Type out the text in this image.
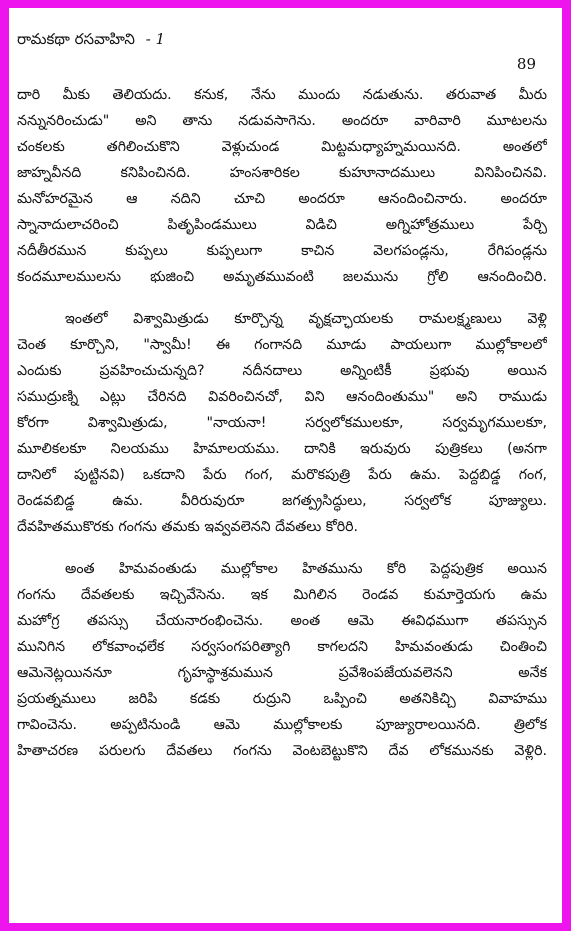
రామకథా రసవాహిని - 1
89
దారి మీకు తెలియదు. కనుక, నేను ముందు నడుతును. తరువాత మీరు
నన్నునరించుడు" అని తాను నడువసాగెను. అందరూ వారివారి మూటలను
చంకలకు తగిలించుకొని వెళ్లుచుండ మిట్టమధ్యాహ్నమయినది. అంతలో
జాహ్నవీనది కనిపించినది. హంసశారికల కుహూనాదములు వినిపించినవి.
మనోహరమైన ఆ నదిని చూచి అందరూ ఆనందించినారు. అందరూ
స్నానాదులాచరించి పితృపిండములు విడిచి అగ్నిహోత్రములు పేర్చి
నదీతీరమున కుప్పలు కుప్పలుగా కాచిన వెలగపండ్లను, రేగిపండ్లను
కందమూలములను భుజించి అమృతమువంటి జలమును గ్రోలి ఆనందించిరి.
ఇంతలో విశ్వామిత్రుడు కూర్చొన్న వృక్షచ్ఛాయలకు రామలక్ష్మణులు వెళ్లి
చెంత కూర్చొని, "స్వామీ! ఈ గంగానది మూడు పాయలుగా ముల్లోకాలలో
ఎందుకు ప్రవహించుచున్నది? నదీనదాలు అన్నింటికీ ప్రభువు అయిన
సముద్రుణ్ని ఎట్లు చేరినది వివరించినచో, విని ఆనందింతుము" అని రాముడు
కోరగా విశ్వామిత్రుడు, "నాయనా! సర్వలోకములకూ, సర్వమృగములకూ,
మూలికలకూ నిలయము హిమాలయము. దానికి ఇరువురు పుత్రికలు (అనగా
దానిలో పుట్టినవి) ఒకదాని పేరు గంగ, మరొకపుత్రి పేరు ఉమ. పెద్దబిడ్డ గంగ,
రెండవబిడ్డ ఉమ. వీరిరువురూ జగత్ప్రసిద్ధులు, సర్వలోక పూజ్యులు.
దేవహితముకొరకు గంగను తమకు ఇవ్వవలెనని దేవతలు కోరిరి.
అంత హిమవంతుడు ముల్లోకాల హితమును కోరి పెద్దపుత్రిక అయిన
గంగను దేవతలకు ఇచ్చివేసెను. ఇక మిగిలిన రెండవ కుమార్తెయగు ఉమ
మహోగ్ర తపస్సు చేయనారంభించెను. అంత ఆమె ఈవిధముగా తపస్సున
మునిగిన లోకవాంఛలేక సర్వసంగపరిత్యాగి కాగలదని హిమవంతుడు చింతించి
ఆమెనెట్లయిననూ గృహస్థాశ్రమమున ప్రవేశింపజేయవలెనని అనేక
ప్రయత్నములు జరిపి కడకు రుద్రుని ఒప్పించి అతనికిచ్చి వివాహము
గావించెను. అప్పటినుండి ఆమె ముల్లోకాలకు పూజ్యురాలయినది. త్రిలోక
హితాచరణ పరులగు దేవతలు గంగను వెంటబెట్టుకొని దేవ లోకమునకు వెళ్లిరి.
